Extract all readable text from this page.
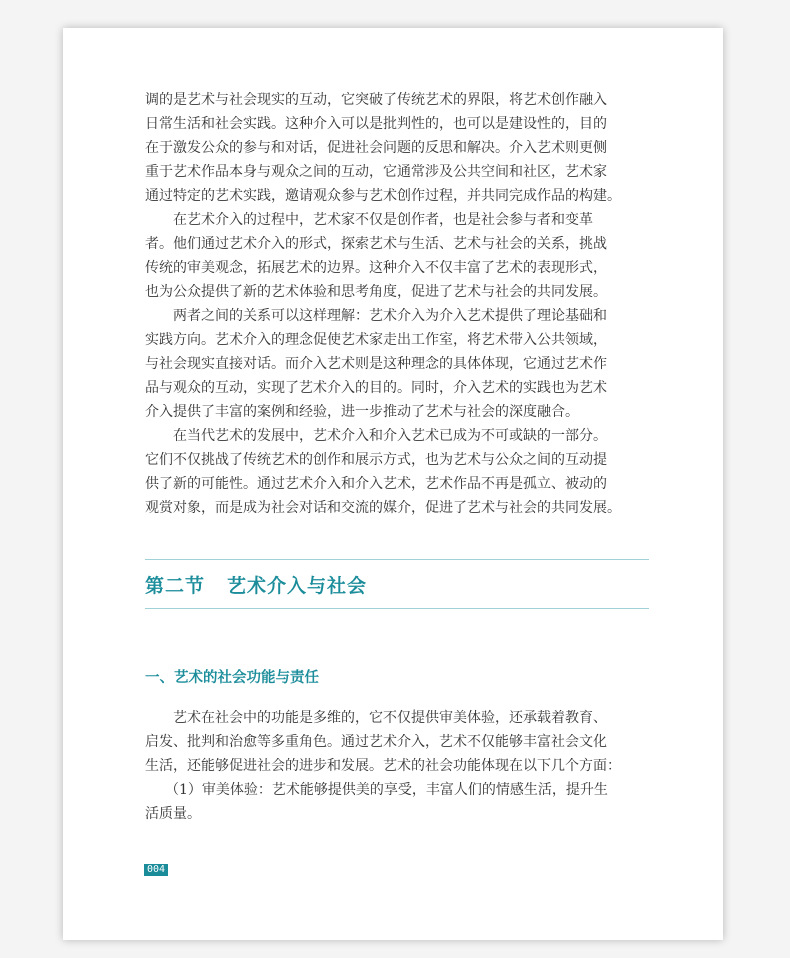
调的是艺术与社会现实的互动，它突破了传统艺术的界限，将艺术创作融入
日常生活和社会实践。这种介入可以是批判性的，也可以是建设性的，目的
在于激发公众的参与和对话，促进社会问题的反思和解决。介入艺术则更侧
重于艺术作品本身与观众之间的互动，它通常涉及公共空间和社区，艺术家
通过特定的艺术实践，邀请观众参与艺术创作过程，并共同完成作品的构建。
在艺术介入的过程中，艺术家不仅是创作者，也是社会参与者和变革
者。他们通过艺术介入的形式，探索艺术与生活、艺术与社会的关系，挑战
传统的审美观念，拓展艺术的边界。这种介入不仅丰富了艺术的表现形式，
也为公众提供了新的艺术体验和思考角度，促进了艺术与社会的共同发展。
两者之间的关系可以这样理解：艺术介入为介入艺术提供了理论基础和
实践方向。艺术介入的理念促使艺术家走出工作室，将艺术带入公共领域，
与社会现实直接对话。而介入艺术则是这种理念的具体体现，它通过艺术作
品与观众的互动，实现了艺术介入的目的。同时，介入艺术的实践也为艺术
介入提供了丰富的案例和经验，进一步推动了艺术与社会的深度融合。
在当代艺术的发展中，艺术介入和介入艺术已成为不可或缺的一部分。
它们不仅挑战了传统艺术的创作和展示方式，也为艺术与公众之间的互动提
供了新的可能性。通过艺术介入和介入艺术，艺术作品不再是孤立、被动的
观赏对象，而是成为社会对话和交流的媒介，促进了艺术与社会的共同发展。
第二节 艺术介入与社会
一、艺术的社会功能与责任
艺术在社会中的功能是多维的，它不仅提供审美体验，还承载着教育、
启发、批判和治愈等多重角色。通过艺术介入，艺术不仅能够丰富社会文化
生活，还能够促进社会的进步和发展。艺术的社会功能体现在以下几个方面：
（1）审美体验：艺术能够提供美的享受，丰富人们的情感生活，提升生
活质量。
004
